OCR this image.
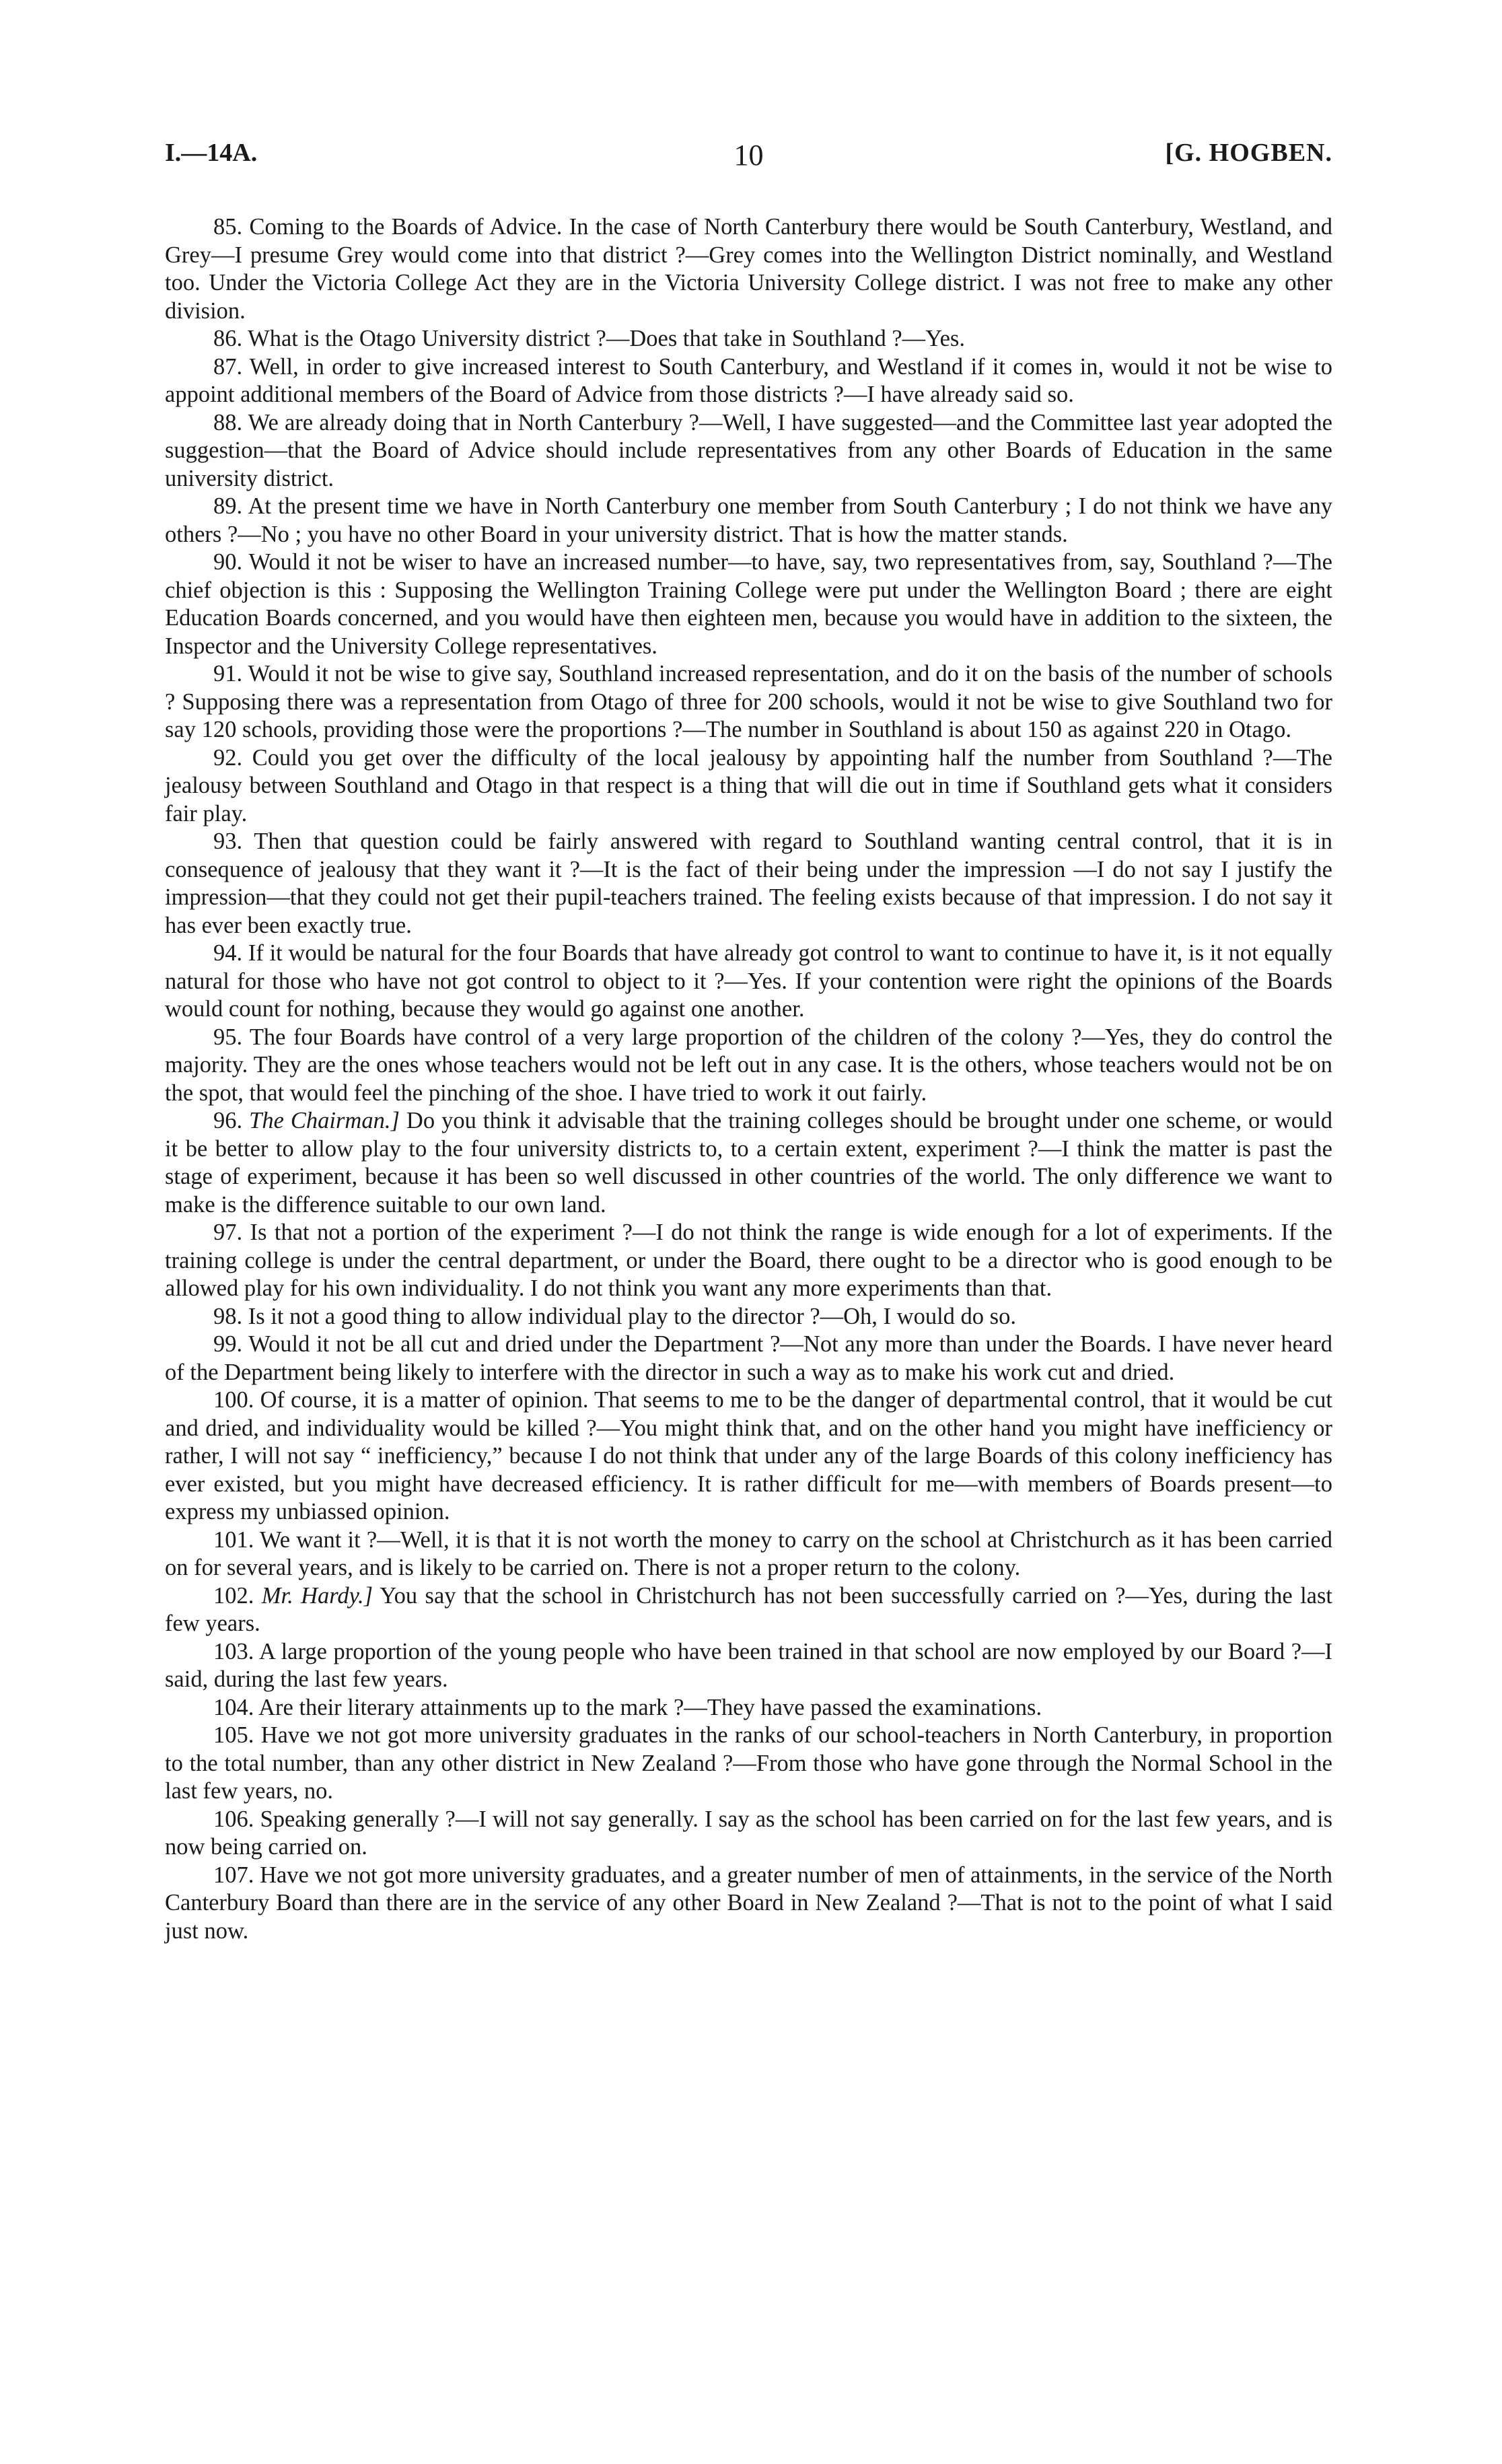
I.—14A.	10	[G. HOGBEN.

85. Coming to the Boards of Advice. In the case of North Canterbury there would be South Canterbury, Westland, and Grey—I presume Grey would come into that district ?—Grey comes into the Wellington District nominally, and Westland too. Under the Victoria College Act they are in the Victoria University College district. I was not free to make any other division.

86. What is the Otago University district ?—Does that take in Southland ?—Yes.

87. Well, in order to give increased interest to South Canterbury, and Westland if it comes in, would it not be wise to appoint additional members of the Board of Advice from those districts ?—I have already said so.

88. We are already doing that in North Canterbury ?—Well, I have suggested—and the Committee last year adopted the suggestion—that the Board of Advice should include representatives from any other Boards of Education in the same university district.

89. At the present time we have in North Canterbury one member from South Canterbury ; I do not think we have any others ?—No ; you have no other Board in your university district. That is how the matter stands.

90. Would it not be wiser to have an increased number—to have, say, two representatives from, say, Southland ?—The chief objection is this : Supposing the Wellington Training College were put under the Wellington Board ; there are eight Education Boards concerned, and you would have then eighteen men, because you would have in addition to the sixteen, the Inspector and the University College representatives.

91. Would it not be wise to give say, Southland increased representation, and do it on the basis of the number of schools ? Supposing there was a representation from Otago of three for 200 schools, would it not be wise to give Southland two for say 120 schools, providing those were the proportions ?—The number in Southland is about 150 as against 220 in Otago.

92. Could you get over the difficulty of the local jealousy by appointing half the number from Southland ?—The jealousy between Southland and Otago in that respect is a thing that will die out in time if Southland gets what it considers fair play.

93. Then that question could be fairly answered with regard to Southland wanting central control, that it is in consequence of jealousy that they want it ?—It is the fact of their being under the impression —I do not say I justify the impression—that they could not get their pupil-teachers trained. The feeling exists because of that impression. I do not say it has ever been exactly true.

94. If it would be natural for the four Boards that have already got control to want to continue to have it, is it not equally natural for those who have not got control to object to it ?—Yes. If your contention were right the opinions of the Boards would count for nothing, because they would go against one another.

95. The four Boards have control of a very large proportion of the children of the colony ?—Yes, they do control the majority. They are the ones whose teachers would not be left out in any case. It is the others, whose teachers would not be on the spot, that would feel the pinching of the shoe. I have tried to work it out fairly.

96. The Chairman.] Do you think it advisable that the training colleges should be brought under one scheme, or would it be better to allow play to the four university districts to, to a certain extent, experiment ?—I think the matter is past the stage of experiment, because it has been so well discussed in other countries of the world. The only difference we want to make is the difference suitable to our own land.

97. Is that not a portion of the experiment ?—I do not think the range is wide enough for a lot of experiments. If the training college is under the central department, or under the Board, there ought to be a director who is good enough to be allowed play for his own individuality. I do not think you want any more experiments than that.

98. Is it not a good thing to allow individual play to the director ?—Oh, I would do so.

99. Would it not be all cut and dried under the Department ?—Not any more than under the Boards. I have never heard of the Department being likely to interfere with the director in such a way as to make his work cut and dried.

100. Of course, it is a matter of opinion. That seems to me to be the danger of departmental control, that it would be cut and dried, and individuality would be killed ?—You might think that, and on the other hand you might have inefficiency or rather, I will not say “ inefficiency,” because I do not think that under any of the large Boards of this colony inefficiency has ever existed, but you might have decreased efficiency. It is rather difficult for me—with members of Boards present—to express my unbiassed opinion.

101. We want it ?—Well, it is that it is not worth the money to carry on the school at Christchurch as it has been carried on for several years, and is likely to be carried on. There is not a proper return to the colony.

102. Mr. Hardy.] You say that the school in Christchurch has not been successfully carried on ?—Yes, during the last few years.

103. A large proportion of the young people who have been trained in that school are now employed by our Board ?—I said, during the last few years.

104. Are their literary attainments up to the mark ?—They have passed the examinations.

105. Have we not got more university graduates in the ranks of our school-teachers in North Canterbury, in proportion to the total number, than any other district in New Zealand ?—From those who have gone through the Normal School in the last few years, no.

106. Speaking generally ?—I will not say generally. I say as the school has been carried on for the last few years, and is now being carried on.

107. Have we not got more university graduates, and a greater number of men of attainments, in the service of the North Canterbury Board than there are in the service of any other Board in New Zealand ?—That is not to the point of what I said just now.
